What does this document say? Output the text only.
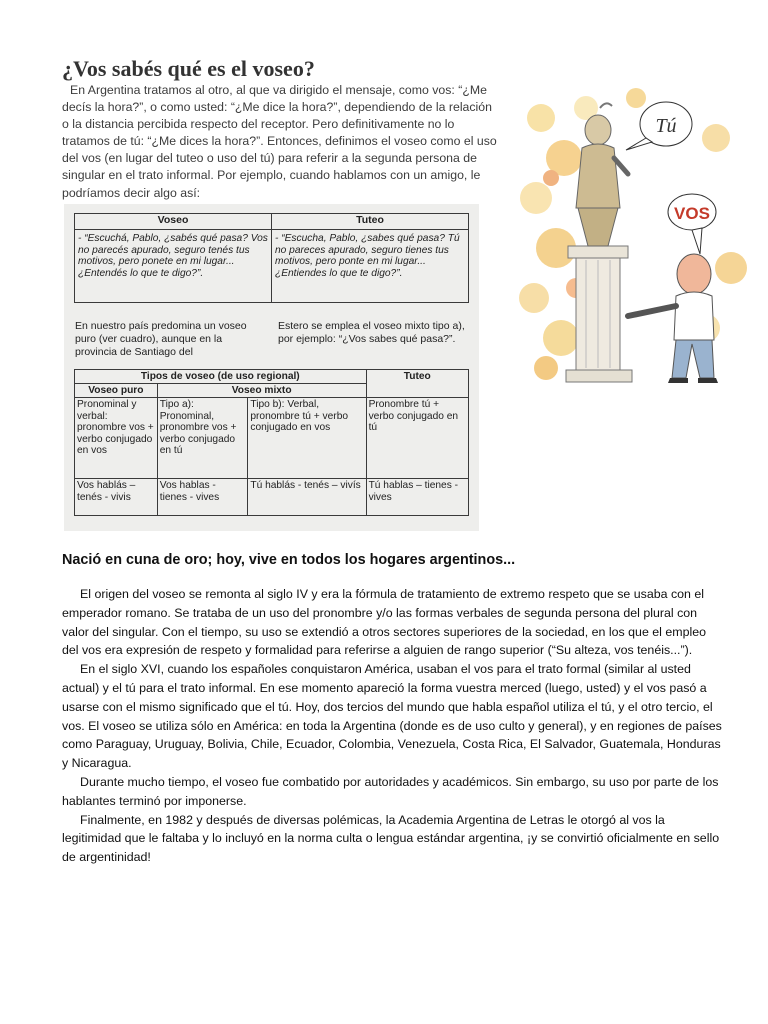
¿Vos sabés qué es el voseo?

En Argentina tratamos al otro, al que va dirigido el mensaje, como vos: “¿Me decís la hora?”, o como usted: “¿Me dice la hora?”, dependiendo de la relación o la distancia percibida respecto del receptor. Pero definitivamente no lo tratamos de tú: “¿Me dices la hora?”. Entonces, definimos el voseo como el uso del vos (en lugar del tuteo o uso del tú) para referir a la segunda persona de singular en el trato informal. Por ejemplo, cuando hablamos con un amigo, le podríamos decir algo así:

Voseo	Tuteo
- “Escuchá, Pablo, ¿sabés qué pasa? Vos no parecés apurado, seguro tenés tus motivos, pero ponete en mi lugar... ¿Entendés lo que te digo?”.	- “Escucha, Pablo, ¿sabes qué pasa? Tú no pareces apurado, seguro tienes tus motivos, pero ponte en mi lugar... ¿Entiendes lo que te digo?”.
En nuestro país predomina un voseo puro (ver cuadro), aunque en la provincia de Santiago del
Estero se emplea el voseo mixto tipo a), por ejemplo: “¿Vos sabes qué pasa?”.
Tipos de voseo (de uso regional)			Tuteo
Voseo puro	Voseo mixto		
Pronominal y verbal: pronombre vos + verbo conjugado en vos	Tipo a): Pronominal, pronombre vos + verbo conjugado en tú	Tipo b): Verbal, pronombre tú + verbo conjugado en vos	Pronombre tú + verbo conjugado en tú
Vos hablás – tenés - vivis	Vos hablas - tienes - vives	Tú hablás - tenés – vivís	Tú hablas – tienes - vives
Tú
VOS
Nació en cuna de oro; hoy, vive en todos los hogares argentinos...

El origen del voseo se remonta al siglo IV y era la fórmula de tratamiento de extremo respeto que se usaba con el emperador romano. Se trataba de un uso del pronombre y/o las formas verbales de segunda persona del plural con valor del singular. Con el tiempo, su uso se extendió a otros sectores superiores de la sociedad, en los que el empleo del vos era expresión de respeto y formalidad para referirse a alguien de rango superior (“Su alteza, vos tenéis...”).

En el siglo XVI, cuando los españoles conquistaron América, usaban el vos para el trato formal (similar al usted actual) y el tú para el trato informal. En ese momento apareció la forma vuestra merced (luego, usted) y el vos pasó a usarse con el mismo significado que el tú. Hoy, dos tercios del mundo que habla español utiliza el tú, y el otro tercio, el vos. El voseo se utiliza sólo en América: en toda la Argentina (donde es de uso culto y general), y en regiones de países como Paraguay, Uruguay, Bolivia, Chile, Ecuador, Colombia, Venezuela, Costa Rica, El Salvador, Guatemala, Honduras y Nicaragua.

Durante mucho tiempo, el voseo fue combatido por autoridades y académicos. Sin embargo, su uso por parte de los hablantes terminó por imponerse.

Finalmente, en 1982 y después de diversas polémicas, la Academia Argentina de Letras le otorgó al vos la legitimidad que le faltaba y lo incluyó en la norma culta o lengua estándar argentina, ¡y se convirtió oficialmente en sello de argentinidad!
